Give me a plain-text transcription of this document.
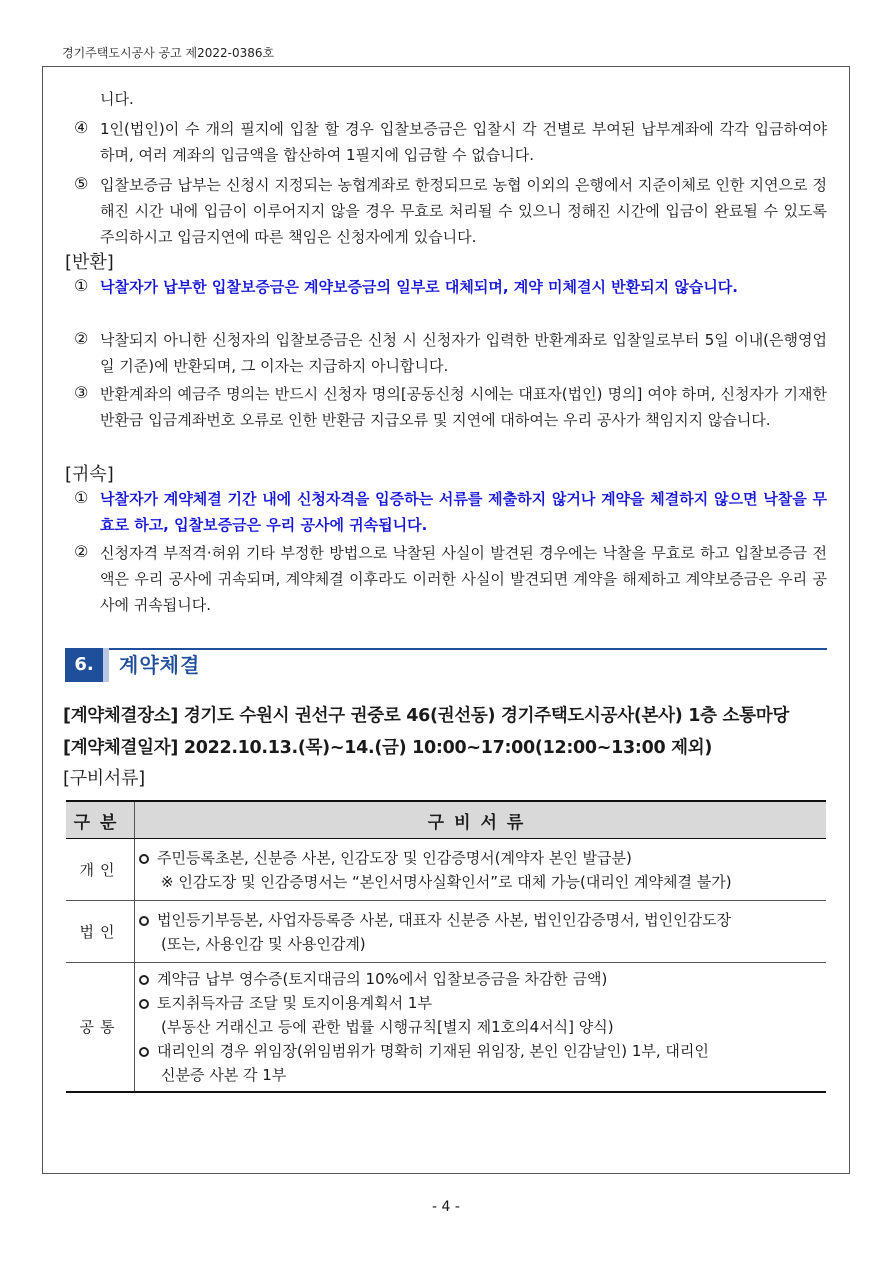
경기주택도시공사 공고 제2022-0386호
니다.
④ 1인(법인)이 수 개의 필지에 입찰 할 경우 입찰보증금은 입찰시 각 건별로 부여된 납부계좌에 각각 입금하여야 하며, 여러 계좌의 입금액을 합산하여 1필지에 입금할 수 없습니다.
⑤ 입찰보증금 납부는 신청시 지정되는 농협계좌로 한정되므로 농협 이외의 은행에서 지준이체로 인한 지연으로 정해진 시간 내에 입금이 이루어지지 않을 경우 무효로 처리될 수 있으니 정해진 시간에 입금이 완료될 수 있도록 주의하시고 입금지연에 따른 책임은 신청자에게 있습니다.
[반환]
① 낙찰자가 납부한 입찰보증금은 계약보증금의 일부로 대체되며, 계약 미체결시 반환되지 않습니다.
② 낙찰되지 아니한 신청자의 입찰보증금은 신청 시 신청자가 입력한 반환계좌로 입찰일로부터 5일 이내(은행영업일 기준)에 반환되며, 그 이자는 지급하지 아니합니다.
③ 반환계좌의 예금주 명의는 반드시 신청자 명의[공동신청 시에는 대표자(법인) 명의] 여야 하며, 신청자가 기재한 반환금 입금계좌번호 오류로 인한 반환금 지급오류 및 지연에 대하여는 우리 공사가 책임지지 않습니다.
[귀속]
① 낙찰자가 계약체결 기간 내에 신청자격을 입증하는 서류를 제출하지 않거나 계약을 체결하지 않으면 낙찰을 무효로 하고, 입찰보증금은 우리 공사에 귀속됩니다.
② 신청자격 부적격·허위 기타 부정한 방법으로 낙찰된 사실이 발견된 경우에는 낙찰을 무효로 하고 입찰보증금 전액은 우리 공사에 귀속되며, 계약체결 이후라도 이러한 사실이 발견되면 계약을 해제하고 계약보증금은 우리 공사에 귀속됩니다.
6.	계약체결
[계약체결장소] 경기도 수원시 권선구 권중로 46(권선동) 경기주택도시공사(본사) 1층 소통마당
[계약체결일자] 2022.10.13.(목)~14.(금) 10:00~17:00(12:00~13:00 제외)
[구비서류]
구분	구비서류
개인	주민등록초본, 신분증 사본, 인감도장 및 인감증명서(계약자 본인 발급분)
※ 인감도장 및 인감증명서는 “본인서명사실확인서”로 대체 가능(대리인 계약체결 불가)

법인	법인등기부등본, 사업자등록증 사본, 대표자 신분증 사본, 법인인감증명서, 법인인감도장
(또는, 사용인감 및 사용인감계)

공통	계약금 납부 영수증(토지대금의 10%에서 입찰보증금을 차감한 금액)
토지취득자금 조달 및 토지이용계획서 1부
(부동산 거래신고 등에 관한 법률 시행규칙[별지 제1호의4서식] 양식)
대리인의 경우 위임장(위임범위가 명확히 기재된 위임장, 본인 인감날인) 1부, 대리인
신분증 사본 각 1부
- 4 -
